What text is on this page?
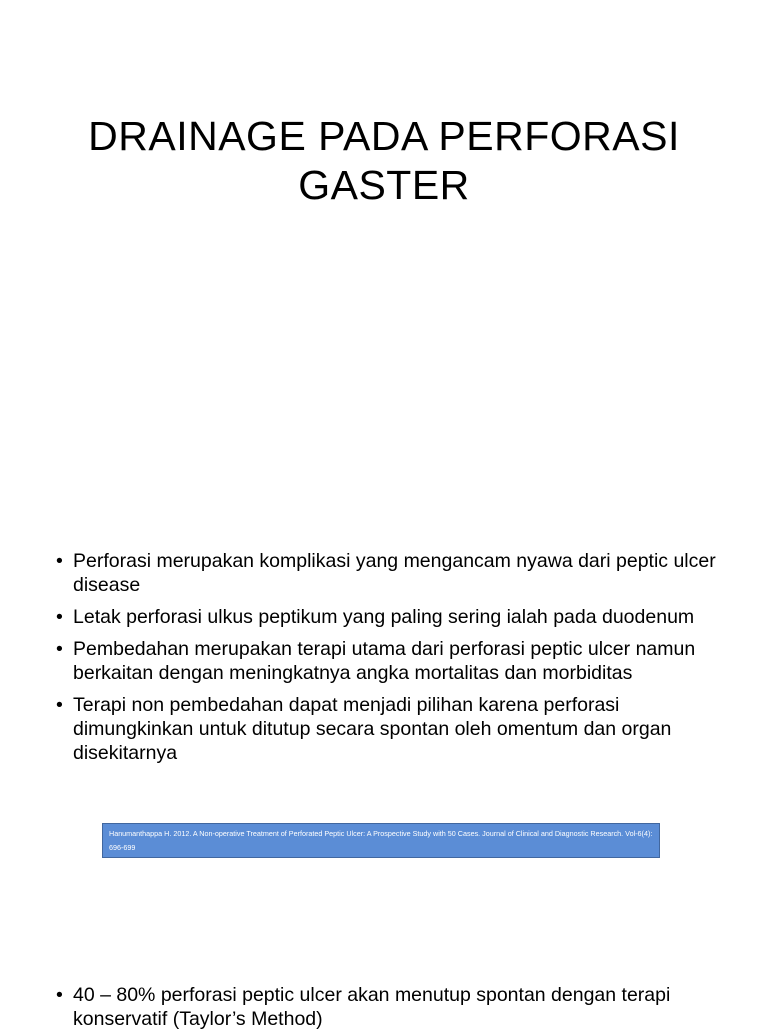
DRAINAGE PADA PERFORASI
GASTER
• Perforasi merupakan komplikasi yang mengancam nyawa dari peptic ulcer disease
• Letak perforasi ulkus peptikum yang paling sering ialah pada duodenum
• Pembedahan merupakan terapi utama dari perforasi peptic ulcer namun berkaitan dengan meningkatnya angka mortalitas dan morbiditas
• Terapi non pembedahan dapat menjadi pilihan karena perforasi dimungkinkan untuk ditutup secara spontan oleh omentum dan organ disekitarnya
Hanumanthappa H. 2012. A Non-operative Treatment of Perforated Peptic Ulcer: A Prospective Study with 50 Cases. Journal of Clinical and Diagnostic Research. Vol-6(4): 696-699
• 40 – 80% perforasi peptic ulcer akan menutup spontan dengan terapi konservatif (Taylor’s Method)
